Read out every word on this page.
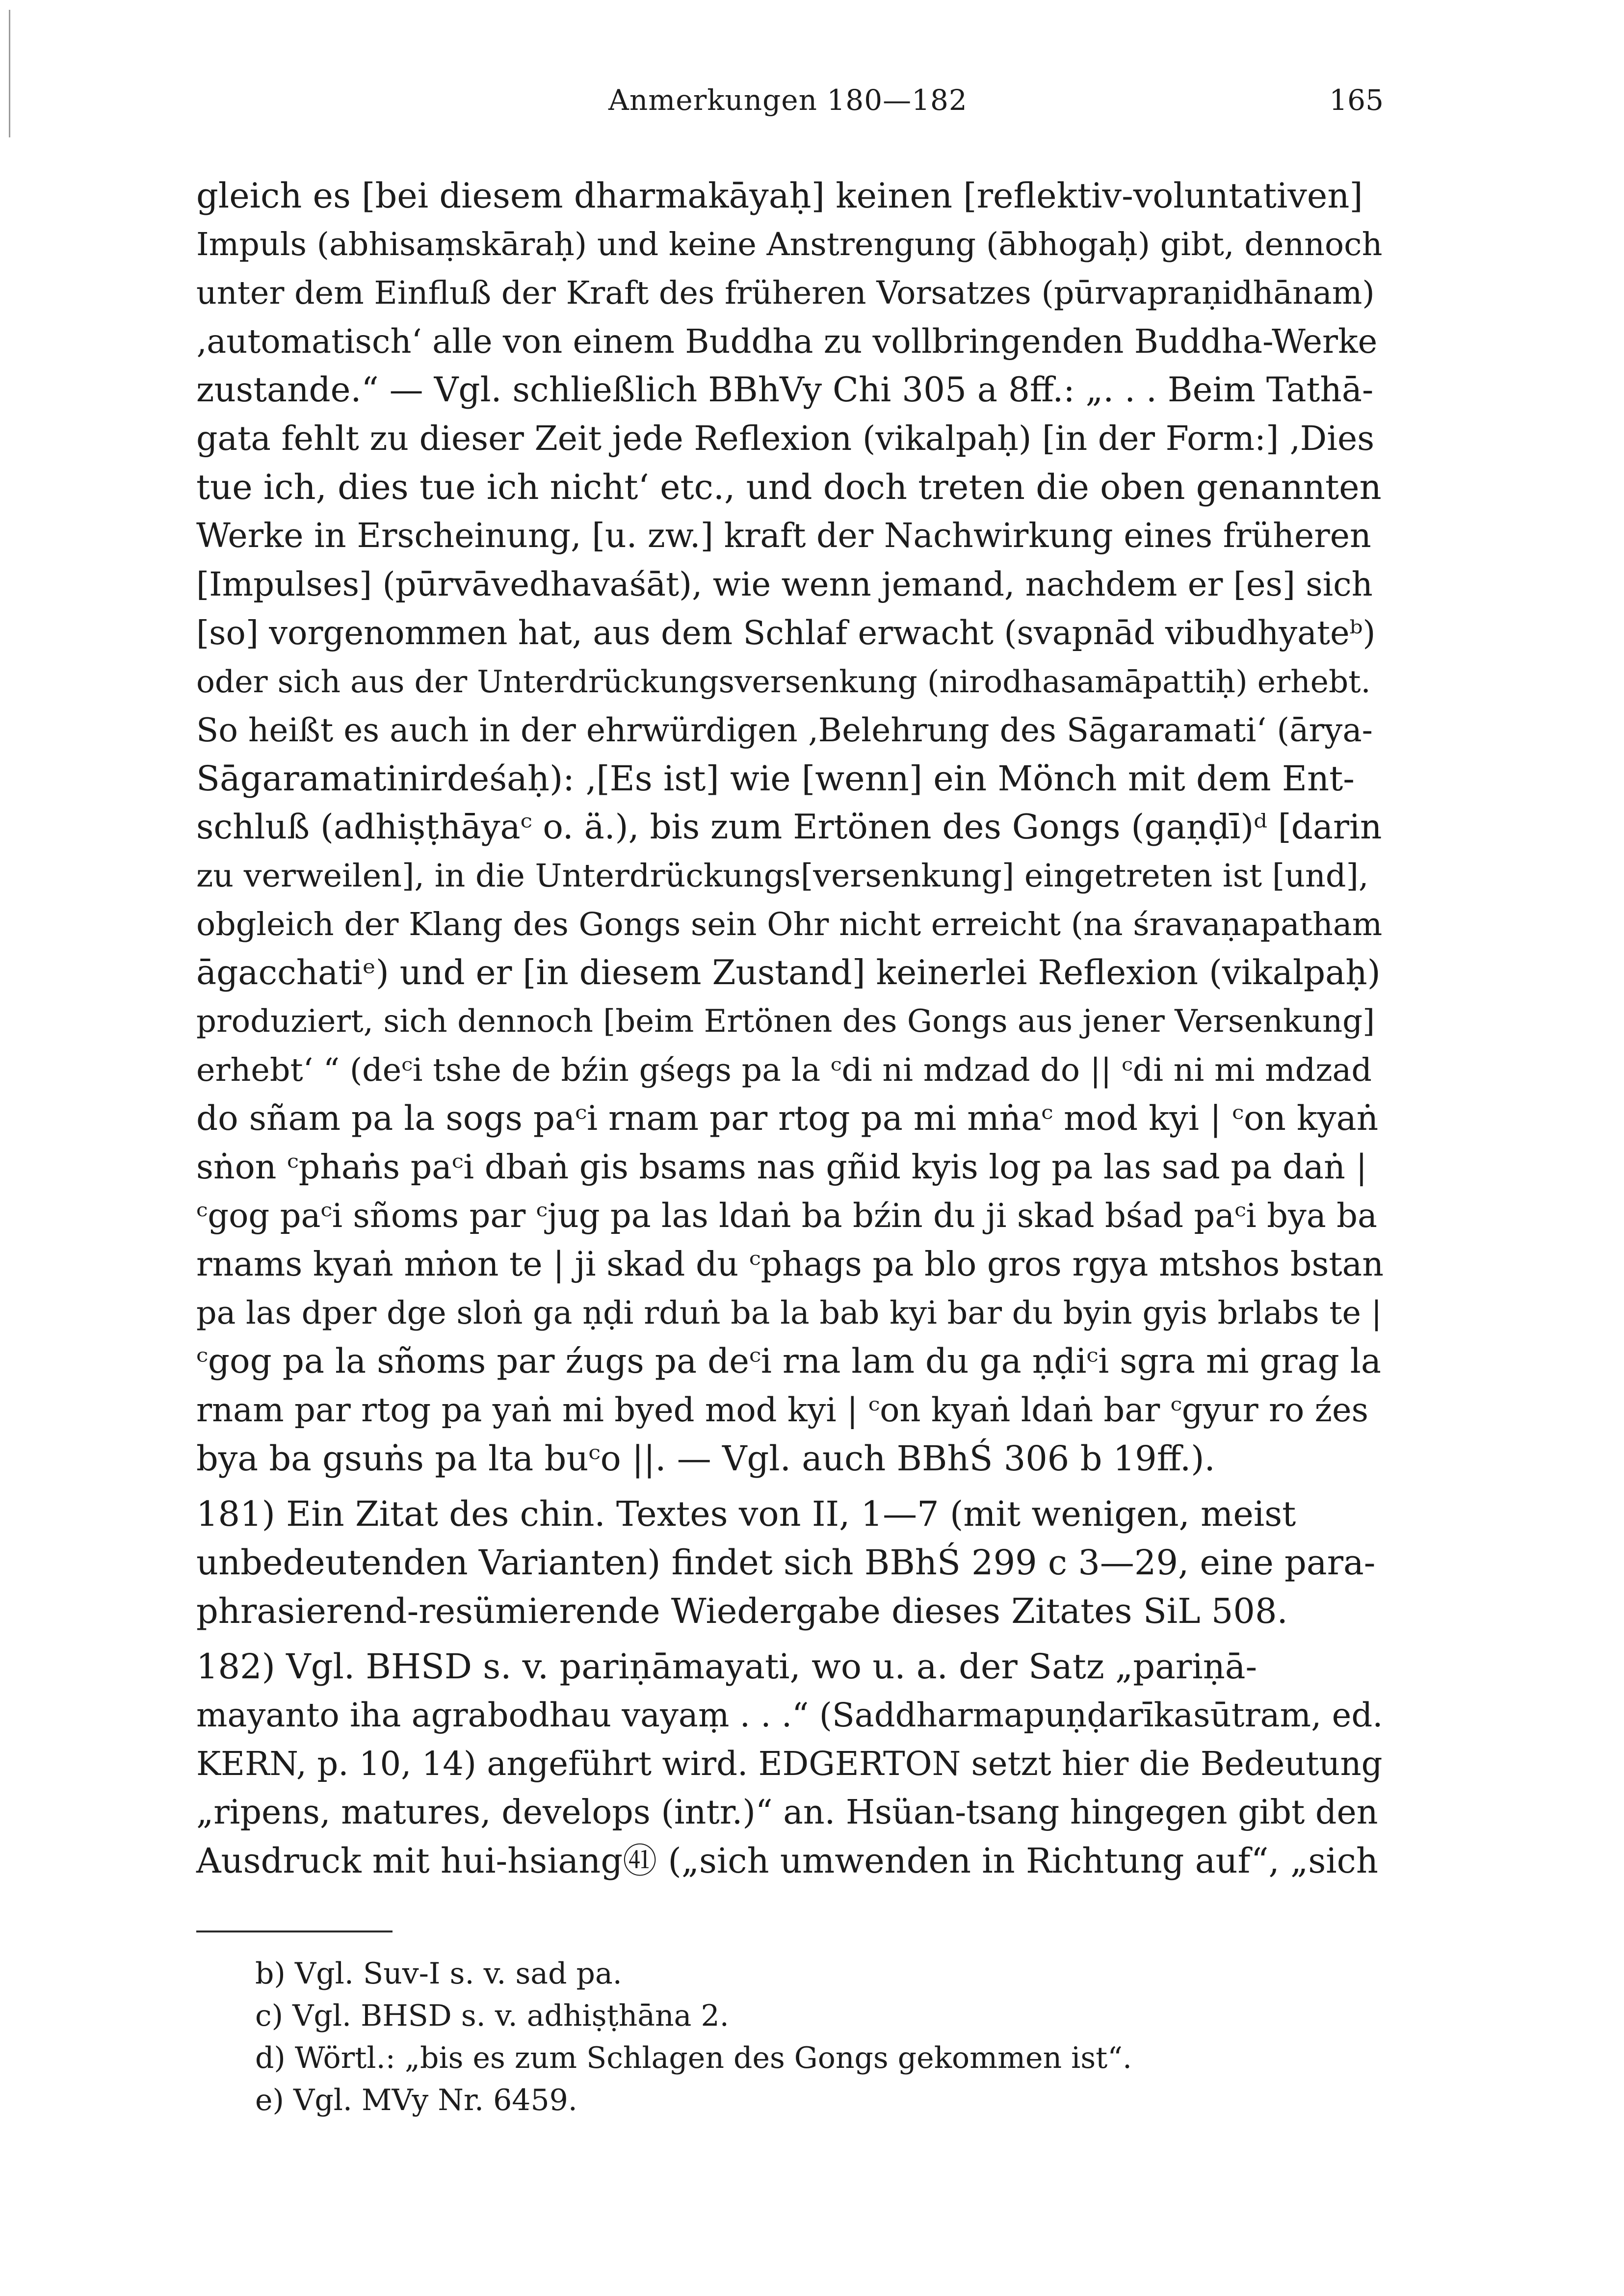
Anmerkungen 180—182	165
gleich es [bei diesem dharmakāyaḥ] keinen [reflektiv-voluntativen]
Impuls (abhisaṃskāraḥ) und keine Anstrengung (ābhogaḥ) gibt, dennoch
unter dem Einfluß der Kraft des früheren Vorsatzes (pūrvapraṇidhānam)
‚automatisch‘ alle von einem Buddha zu vollbringenden Buddha-Werke
zustande.“ — Vgl. schließlich BBhVy Chi 305 a 8ff.: „. . . Beim Tathā-
gata fehlt zu dieser Zeit jede Reflexion (vikalpaḥ) [in der Form:] ‚Dies
tue ich, dies tue ich nicht‘ etc., und doch treten die oben genannten
Werke in Erscheinung, [u. zw.] kraft der Nachwirkung eines früheren
[Impulses] (pūrvāvedhavaśāt), wie wenn jemand, nachdem er [es] sich
[so] vorgenommen hat, aus dem Schlaf erwacht (svapnād vibudhyateᵇ)
oder sich aus der Unterdrückungsversenkung (nirodhasamāpattiḥ) erhebt.
So heißt es auch in der ehrwürdigen ‚Belehrung des Sāgaramati‘ (ārya-
Sāgaramatinirdeśaḥ): ‚[Es ist] wie [wenn] ein Mönch mit dem Ent-
schluß (adhiṣṭhāyaᶜ o. ä.), bis zum Ertönen des Gongs (gaṇḍī)ᵈ [darin
zu verweilen], in die Unterdrückungs[versenkung] eingetreten ist [und],
obgleich der Klang des Gongs sein Ohr nicht erreicht (na śravaṇapatham
āgacchatiᵉ) und er [in diesem Zustand] keinerlei Reflexion (vikalpaḥ)
produziert, sich dennoch [beim Ertönen des Gongs aus jener Versenkung]
erhebt‘ “ (deᶜi tshe de bźin gśegs pa la ᶜdi ni mdzad do || ᶜdi ni mi mdzad
do sñam pa la sogs paᶜi rnam par rtog pa mi mṅaᶜ mod kyi | ᶜon kyaṅ
sṅon ᶜphaṅs paᶜi dbaṅ gis bsams nas gñid kyis log pa las sad pa daṅ |
ᶜgog paᶜi sñoms par ᶜjug pa las ldaṅ ba bźin du ji skad bśad paᶜi bya ba
rnams kyaṅ mṅon te | ji skad du ᶜphags pa blo gros rgya mtshos bstan
pa las dper dge sloṅ ga ṇḍi rduṅ ba la bab kyi bar du byin gyis brlabs te |
ᶜgog pa la sñoms par źugs pa deᶜi rna lam du ga ṇḍiᶜi sgra mi grag la
rnam par rtog pa yaṅ mi byed mod kyi | ᶜon kyaṅ ldaṅ bar ᶜgyur ro źes
bya ba gsuṅs pa lta buᶜo ||. — Vgl. auch BBhŚ 306 b 19ff.).
181) Ein Zitat des chin. Textes von II, 1—7 (mit wenigen, meist
unbedeutenden Varianten) findet sich BBhŚ 299 c 3—29, eine para-
phrasierend-resümierende Wiedergabe dieses Zitates SiL 508.
182) Vgl. BHSD s. v. pariṇāmayati, wo u. a. der Satz „pariṇā-
mayanto iha agrabodhau vayaṃ . . .“ (Saddharmapuṇḍarīkasūtram, ed.
KERN, p. 10, 14) angeführt wird. EDGERTON setzt hier die Bedeutung
„ripens, matures, develops (intr.)“ an. Hsüan-tsang hingegen gibt den
Ausdruck mit hui-hsiang㊶ („sich umwenden in Richtung auf“, „sich
b) Vgl. Suv-I s. v. sad pa.
c) Vgl. BHSD s. v. adhiṣṭhāna 2.
d) Wörtl.: „bis es zum Schlagen des Gongs gekommen ist“.
e) Vgl. MVy Nr. 6459.
